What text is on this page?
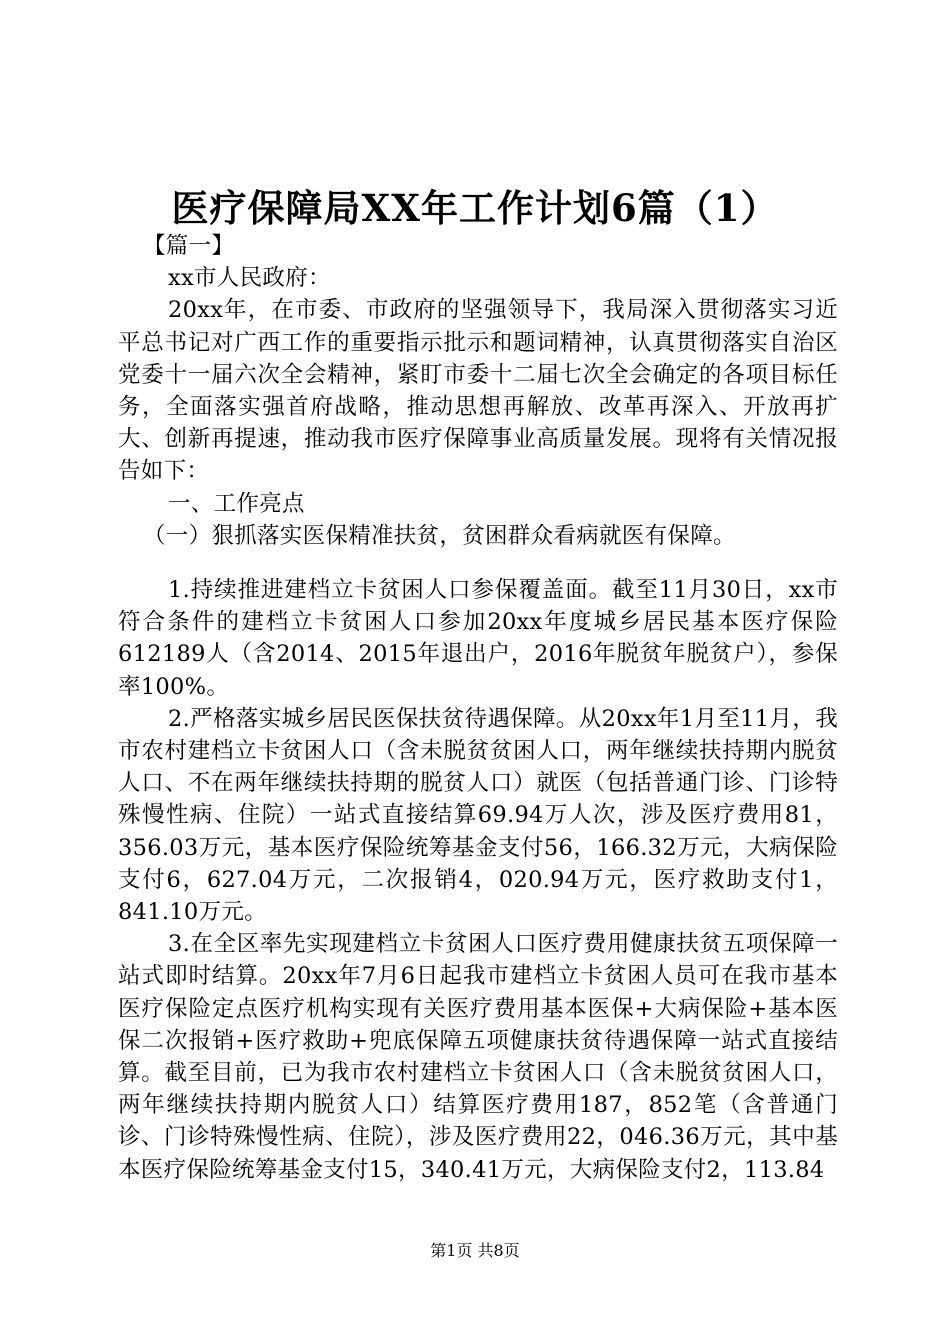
医疗保障局XX年工作计划6篇（1）

【篇一】

xx市人民政府：

20xx年，在市委、市政府的坚强领导下，我局深入贯彻落实习近平总书记对广西工作的重要指示批示和题词精神，认真贯彻落实自治区党委十一届六次全会精神，紧盯市委十二届七次全会确定的各项目标任务，全面落实强首府战略，推动思想再解放、改革再深入、开放再扩大、创新再提速，推动我市医疗保障事业高质量发展。现将有关情况报告如下：

一、工作亮点

（一）狠抓落实医保精准扶贫，贫困群众看病就医有保障。

1.持续推进建档立卡贫困人口参保覆盖面。截至11月30日，xx市符合条件的建档立卡贫困人口参加20xx年度城乡居民基本医疗保险612189人（含2014、2015年退出户，2016年脱贫年脱贫户），参保率100%。

2.严格落实城乡居民医保扶贫待遇保障。从20xx年1月至11月，我市农村建档立卡贫困人口（含未脱贫贫困人口，两年继续扶持期内脱贫人口、不在两年继续扶持期的脱贫人口）就医（包括普通门诊、门诊特殊慢性病、住院）一站式直接结算69.94万人次，涉及医疗费用81，356.03万元，基本医疗保险统筹基金支付56，166.32万元，大病保险支付6，627.04万元，二次报销4，020.94万元，医疗救助支付1，841.10万元。

3.在全区率先实现建档立卡贫困人口医疗费用健康扶贫五项保障一站式即时结算。20xx年7月6日起我市建档立卡贫困人员可在我市基本医疗保险定点医疗机构实现有关医疗费用基本医保+大病保险+基本医保二次报销+医疗救助+兜底保障五项健康扶贫待遇保障一站式直接结算。截至目前，已为我市农村建档立卡贫困人口（含未脱贫贫困人口，两年继续扶持期内脱贫人口）结算医疗费用187，852笔（含普通门诊、门诊特殊慢性病、住院），涉及医疗费用22，046.36万元，其中基本医疗保险统筹基金支付15，340.41万元，大病保险支付2，113.84

第1页 共8页
